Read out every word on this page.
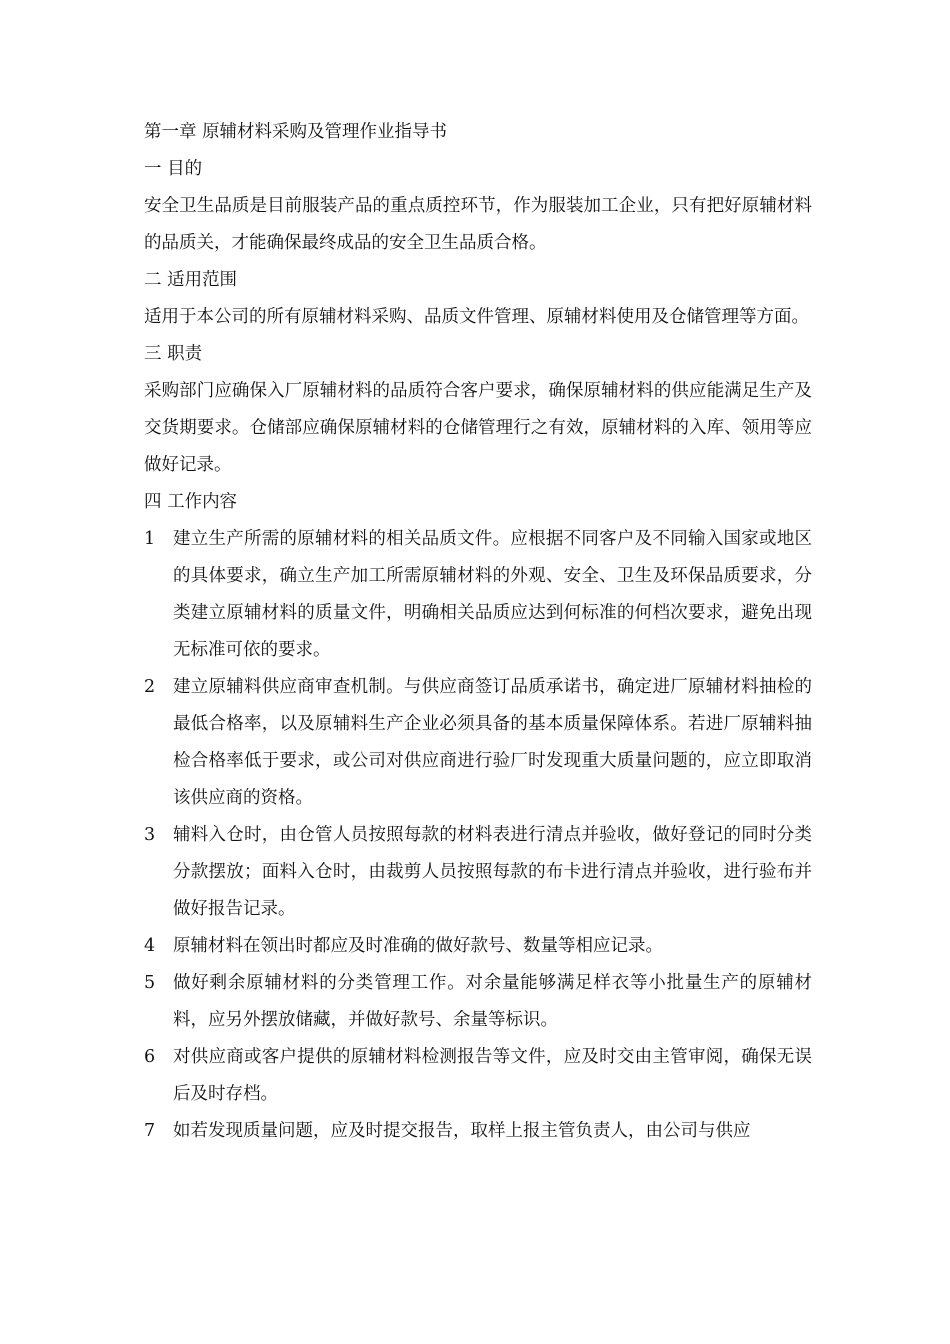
第一章 原辅材料采购及管理作业指导书
一 目的
安全卫生品质是目前服装产品的重点质控环节，作为服装加工企业，只有把好原辅材料的品质关，才能确保最终成品的安全卫生品质合格。
二 适用范围
适用于本公司的所有原辅材料采购、品质文件管理、原辅材料使用及仓储管理等方面。
三 职责
采购部门应确保入厂原辅材料的品质符合客户要求，确保原辅材料的供应能满足生产及交货期要求。仓储部应确保原辅材料的仓储管理行之有效，原辅材料的入库、领用等应做好记录。
四 工作内容
1	建立生产所需的原辅材料的相关品质文件。应根据不同客户及不同输入国家或地区的具体要求，确立生产加工所需原辅材料的外观、安全、卫生及环保品质要求，分类建立原辅材料的质量文件，明确相关品质应达到何标准的何档次要求，避免出现无标准可依的要求。
2	建立原辅料供应商审查机制。与供应商签订品质承诺书，确定进厂原辅材料抽检的最低合格率，以及原辅料生产企业必须具备的基本质量保障体系。若进厂原辅料抽检合格率低于要求，或公司对供应商进行验厂时发现重大质量问题的，应立即取消该供应商的资格。
3	辅料入仓时，由仓管人员按照每款的材料表进行清点并验收，做好登记的同时分类分款摆放；面料入仓时，由裁剪人员按照每款的布卡进行清点并验收，进行验布并做好报告记录。
4	原辅材料在领出时都应及时准确的做好款号、数量等相应记录。
5	做好剩余原辅材料的分类管理工作。对余量能够满足样衣等小批量生产的原辅材料，应另外摆放储藏，并做好款号、余量等标识。
6	对供应商或客户提供的原辅材料检测报告等文件，应及时交由主管审阅，确保无误后及时存档。
7	如若发现质量问题，应及时提交报告，取样上报主管负责人，由公司与供应
